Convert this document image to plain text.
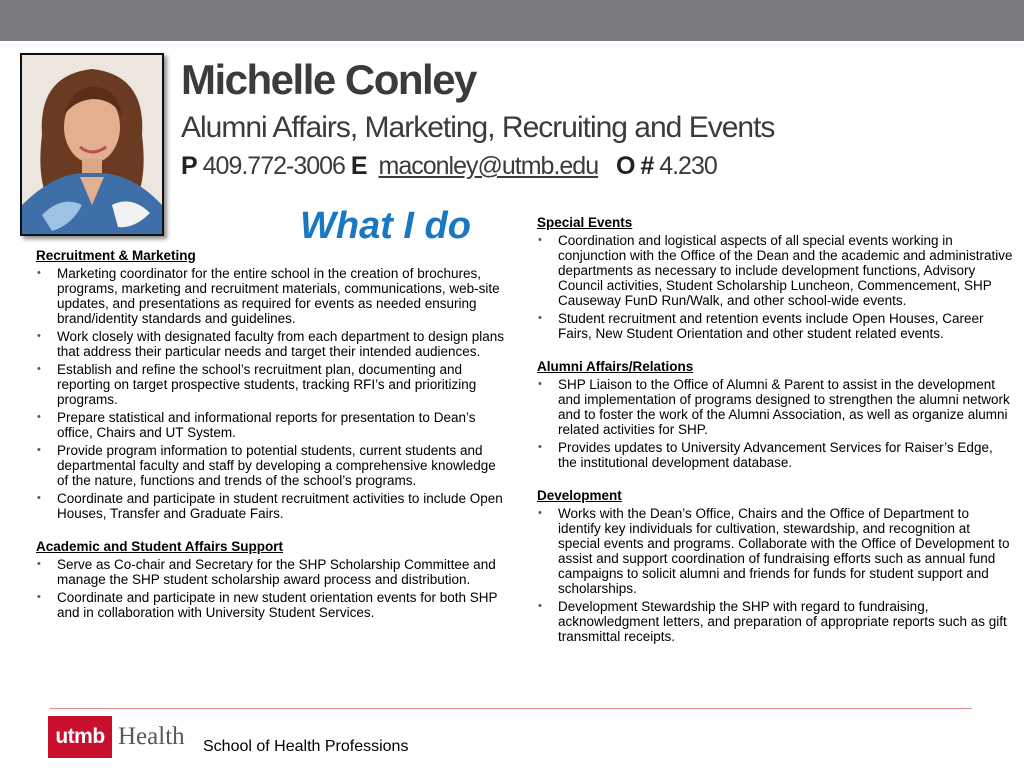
Michelle Conley
Alumni Affairs, Marketing, Recruiting and Events
P 409.772-3006 E maconley@utmb.edu O # 4.230
What I do
Recruitment & Marketing
• Marketing coordinator for the entire school in the creation of brochures, programs, marketing and recruitment materials, communications, web-site updates, and presentations as required for events as needed ensuring brand/identity standards and guidelines.
• Work closely with designated faculty from each department to design plans that address their particular needs and target their intended audiences.
• Establish and refine the school’s recruitment plan, documenting and reporting on target prospective students, tracking RFI’s and prioritizing programs.
• Prepare statistical and informational reports for presentation to Dean’s office, Chairs and UT System.
• Provide program information to potential students, current students and departmental faculty and staff by developing a comprehensive knowledge of the nature, functions and trends of the school’s programs.
• Coordinate and participate in student recruitment activities to include Open Houses, Transfer and Graduate Fairs.
Academic and Student Affairs Support
• Serve as Co-chair and Secretary for the SHP Scholarship Committee and manage the SHP student scholarship award process and distribution.
• Coordinate and participate in new student orientation events for both SHP and in collaboration with University Student Services.
Special Events
• Coordination and logistical aspects of all special events working in conjunction with the Office of the Dean and the academic and administrative departments as necessary to include development functions, Advisory Council activities, Student Scholarship Luncheon, Commencement, SHP Causeway FunD Run/Walk, and other school-wide events.
• Student recruitment and retention events include Open Houses, Career Fairs, New Student Orientation and other student related events.
Alumni Affairs/Relations
• SHP Liaison to the Office of Alumni & Parent to assist in the development and implementation of programs designed to strengthen the alumni network and to foster the work of the Alumni Association, as well as organize alumni related activities for SHP.
• Provides updates to University Advancement Services for Raiser’s Edge, the institutional development database.
Development
• Works with the Dean’s Office, Chairs and the Office of Department to identify key individuals for cultivation, stewardship, and recognition at special events and programs. Collaborate with the Office of Development to assist and support coordination of fundraising efforts such as annual fund campaigns to solicit alumni and friends for funds for student support and scholarships.
• Development Stewardship the SHP with regard to fundraising, acknowledgment letters, and preparation of appropriate reports such as gift transmittal receipts.
utmb Health School of Health Professions
